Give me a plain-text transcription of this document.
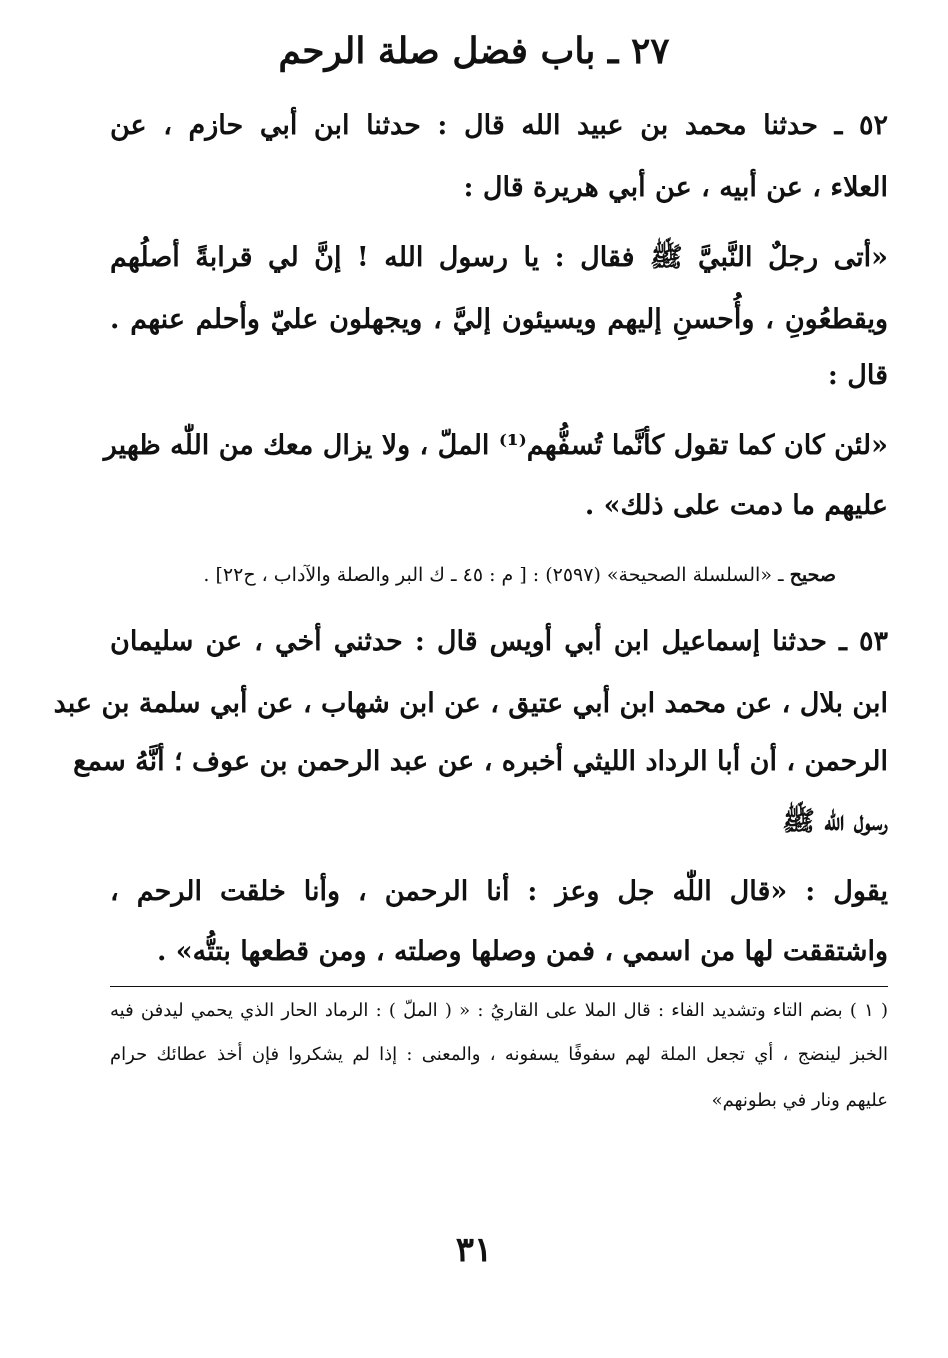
٢٧ ـ باب فضل صلة الرحم
٥٢ ـ حدثنا محمد بن عبيد الله قال : حدثنا ابن أبي حازم ، عن
العلاء ، عن أبيه ، عن أبي هريرة قال :
«أتى رجلٌ النَّبيَّ ﷺ فقال : يا رسول الله ! إنَّ لي قرابةً أصلُهم
ويقطعُونِ ، وأُحسنِ إليهم ويسيئون إليَّ ، ويجهلون عليّ وأحلم عنهم .
قال :
«لئن كان كما تقول كأنَّما تُسفُّهم⁽¹⁾ الملّ ، ولا يزال معك من اللّٰه ظهير
عليهم ما دمت على ذلك» .
صحيح ـ «السلسلة الصحيحة» (٢٥٩٧) : [ م : ٤٥ ـ ك البر والصلة والآداب ، ح٢٢] .
٥٣ ـ حدثنا إسماعيل ابن أبي أويس قال : حدثني أخي ، عن سليمان
ابن بلال ، عن محمد ابن أبي عتيق ، عن ابن شهاب ، عن أبي سلمة بن عبد
الرحمن ، أن أبا الرداد الليثي أخبره ، عن عبد الرحمن بن عوف ؛ أنَّهُ سمع
رسول اللّٰه ﷺ
يقول : «قال اللّٰه جل وعز : أنا الرحمن ، وأنا خلقت الرحم ،
واشتققت لها من اسمي ، فمن وصلها وصلته ، ومن قطعها بتتُّه» .
( ١ ) بضم التاء وتشديد الفاء : قال الملا على القاريُ : « ( الملّ ) : الرماد الحار الذي يحمي ليدفن فيه
الخبز لينضج ، أي تجعل الملة لهم سفوفًا يسفونه ، والمعنى : إذا لم يشكروا فإن أخذ عطائك حرام
عليهم ونار في بطونهم»
٣١
